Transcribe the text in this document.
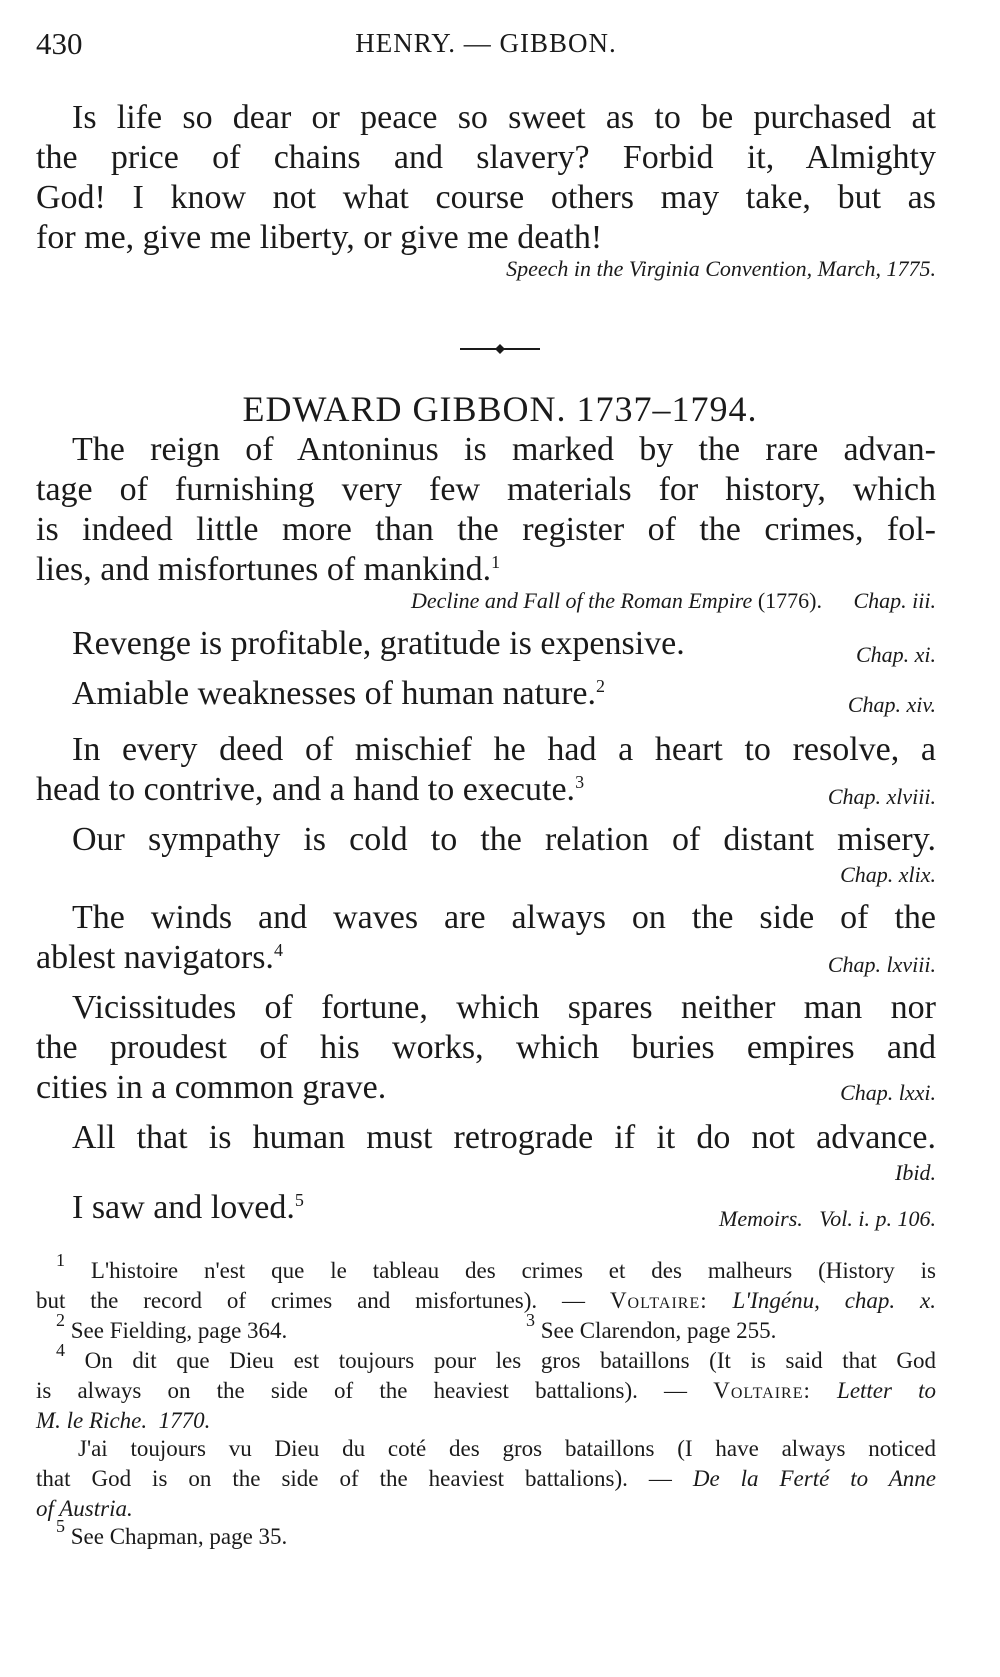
430	HENRY. — GIBBON.
Is life so dear or peace so sweet as to be purchased at
the price of chains and slavery? Forbid it, Almighty
God! I know not what course others may take, but as
for me, give me liberty, or give me death!
Speech in the Virginia Convention, March, 1775.
EDWARD GIBBON. 1737–1794.
The reign of Antoninus is marked by the rare advan-
tage of furnishing very few materials for history, which
is indeed little more than the register of the crimes, fol-
lies, and misfortunes of mankind.$^1$
Decline and Fall of the Roman Empire (1776). Chap. iii.
Revenge is profitable, gratitude is expensive.	Chap. xi.
Amiable weaknesses of human nature.$^2$
Chap. xiv.
In every deed of mischief he had a heart to resolve, a
head to contrive, and a hand to execute.$^3$
Chap. xlviii.
Our sympathy is cold to the relation of distant misery.
Chap. xlix.
The winds and waves are always on the side of the
ablest navigators.$^4$
Chap. lxviii.
Vicissitudes of fortune, which spares neither man nor
the proudest of his works, which buries empires and
cities in a common grave.	Chap. lxxi.
All that is human must retrograde if it do not advance.
Ibid.
I saw and loved.$^5$
Memoirs.   Vol. i. p. 106.
$^1$ L'histoire n'est que le tableau des crimes et des malheurs (History is
but the record of crimes and misfortunes). — Voltaire: L'Ingénu, chap. x.
$^2$ See Fielding, page 364.	$^3$ See Clarendon, page 255.
$^4$ On dit que Dieu est toujours pour les gros bataillons (It is said that God
is always on the side of the heaviest battalions). — Voltaire: Letter to
M. le Riche.  1770.
J'ai toujours vu Dieu du coté des gros bataillons (I have always noticed
that God is on the side of the heaviest battalions). — De la Ferté to Anne
of Austria.
$^5$ See Chapman, page 35.
